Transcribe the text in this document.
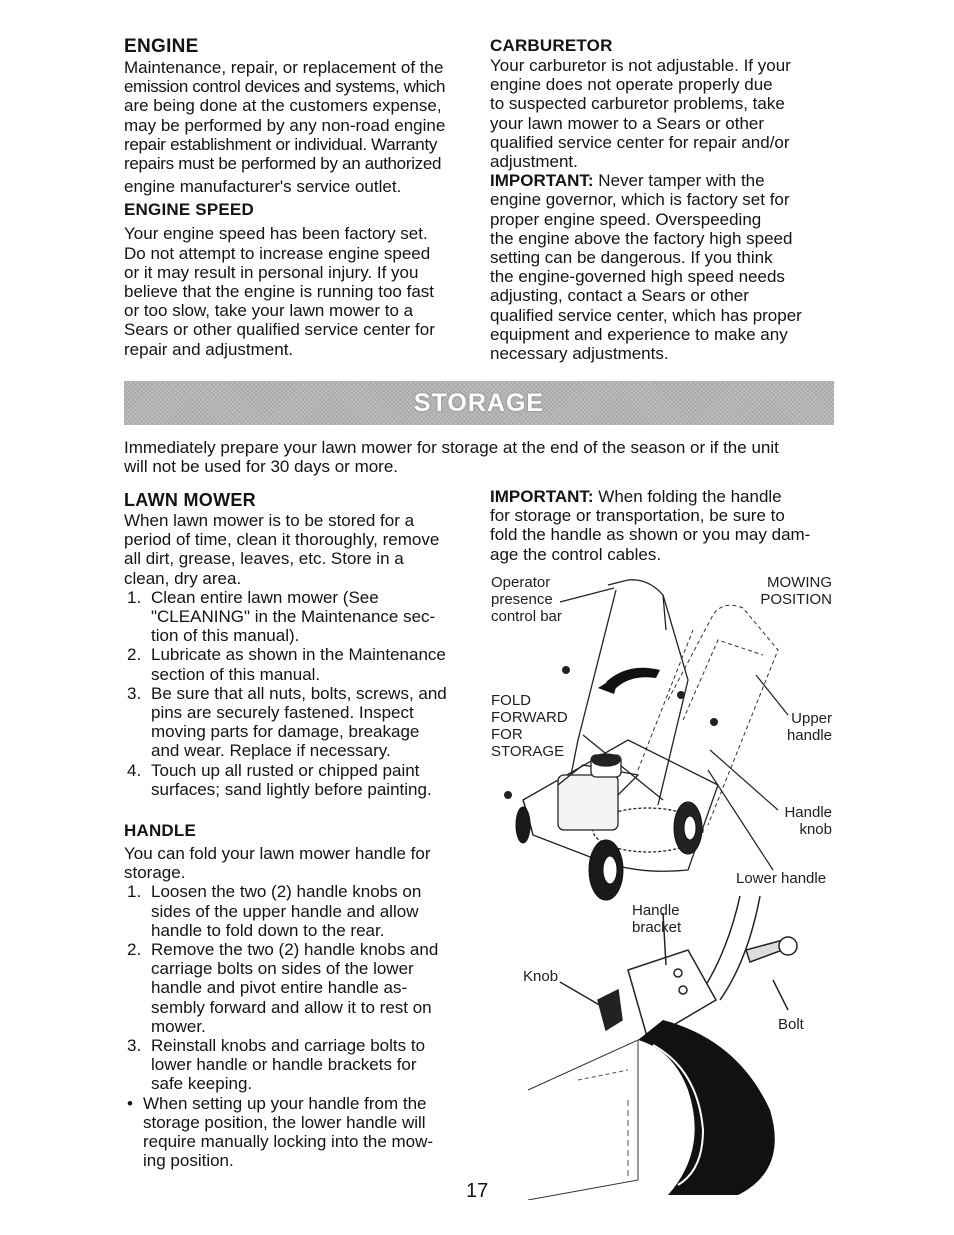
ENGINE

Maintenance, repair, or replacement of the
emission control devices and systems, which
are being done at the customers expense,
may be performed by any non-road engine
repair establishment or individual. Warranty
repairs must be performed by an authorized
engine manufacturer's service outlet.

ENGINE SPEED

Your engine speed has been factory set.
Do not attempt to increase engine speed
or it may result in personal injury. If you
believe that the engine is running too fast
or too slow, take your lawn mower to a
Sears or other qualified service center for
repair and adjustment.

CARBURETOR

Your carburetor is not adjustable. If your
engine does not operate properly due
to suspected carburetor problems, take
your lawn mower to a Sears or other
qualified service center for repair and/or
adjustment.
IMPORTANT: Never tamper with the
engine governor, which is factory set for
proper engine speed. Overspeeding
the engine above the factory high speed
setting can be dangerous. If you think
the engine-governed high speed needs
adjusting, contact a Sears or other
qualified service center, which has proper
equipment and experience to make any
necessary adjustments.

STORAGE

Immediately prepare your lawn mower for storage at the end of the season or if the unit
will not be used for 30 days or more.

LAWN MOWER

When lawn mower is to be stored for a
period of time, clean it thoroughly, remove
all dirt, grease, leaves, etc. Store in a
clean, dry area.

1. Clean entire lawn mower (See
"CLEANING" in the Maintenance sec-
tion of this manual).
2. Lubricate as shown in the Maintenance
section of this manual.
3. Be sure that all nuts, bolts, screws, and
pins are securely fastened. Inspect
moving parts for damage, breakage
and wear. Replace if necessary.
4. Touch up all rusted or chipped paint
surfaces; sand lightly before painting.
HANDLE

You can fold your lawn mower handle for
storage.

1. Loosen the two (2) handle knobs on
sides of the upper handle and allow
handle to fold down to the rear.
2. Remove the two (2) handle knobs and
carriage bolts on sides of the lower
handle and pivot entire handle as-
sembly forward and allow it to rest on
mower.
3. Reinstall knobs and carriage bolts to
lower handle or handle brackets for
safe keeping.
• When setting up your handle from the
storage position, the lower handle will
require manually locking into the mow-
ing position.

IMPORTANT: When folding the handle
for storage or transportation, be sure to
fold the handle as shown or you may dam-
age the control cables.

Operator
presence
control bar
MOWING
POSITION
FOLD
FORWARD
FOR
STORAGE
Upper
handle
Handle
knob
Lower handle
Handle
bracket
Knob
Bolt
17
